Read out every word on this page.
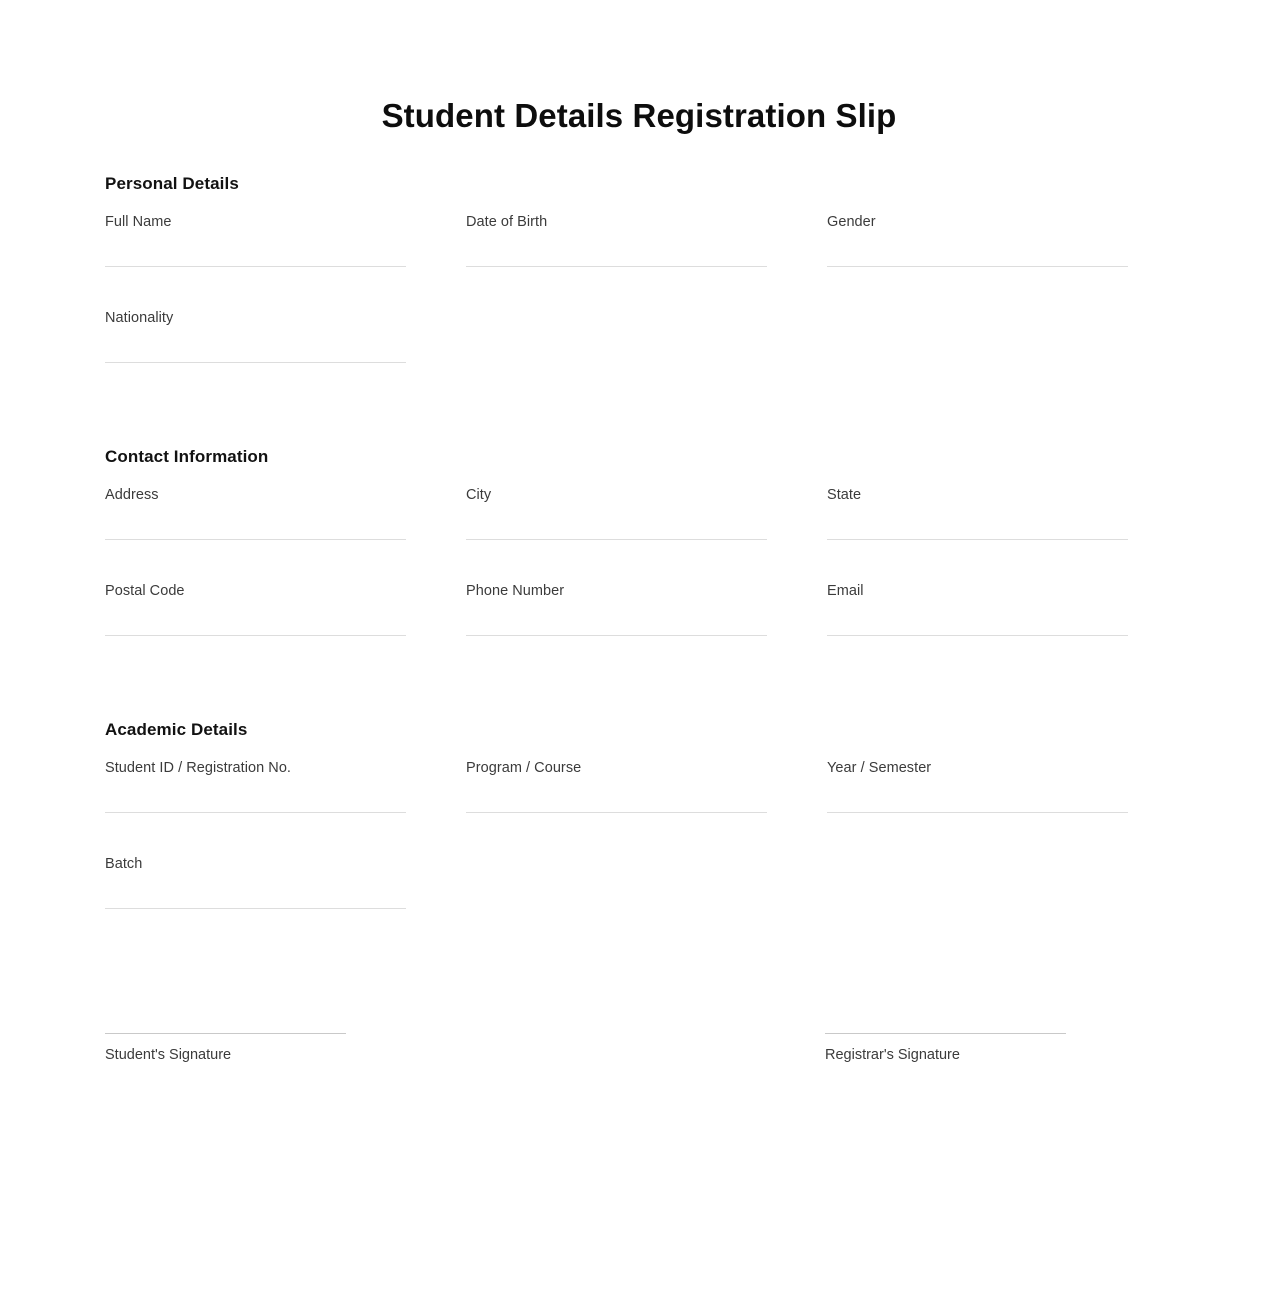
Student Details Registration Slip
Personal Details
Full Name	Date of Birth	Gender
Nationality
Contact Information
Address	City	State
Postal Code	Phone Number	Email
Academic Details
Student ID / Registration No.	Program / Course	Year / Semester
Batch
Student's Signature	Registrar's Signature
